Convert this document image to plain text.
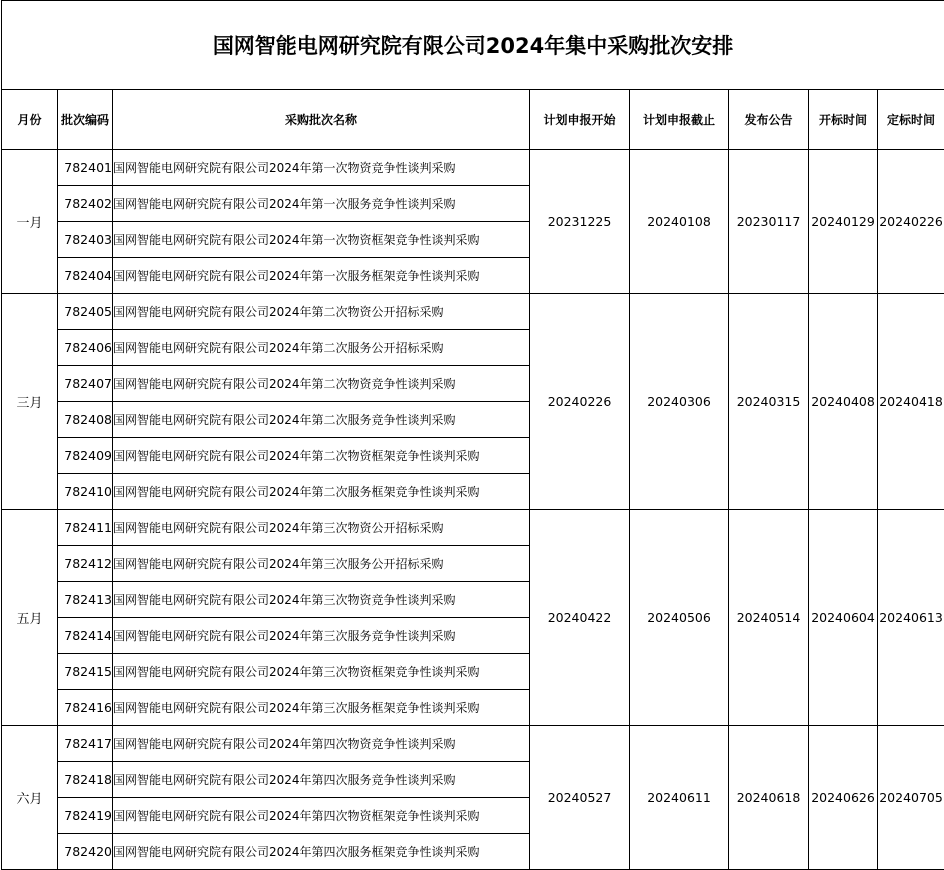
国网智能电网研究院有限公司2024年集中采购批次安排							
月份	批次编码	采购批次名称	计划申报开始	计划申报截止	发布公告	开标时间	定标时间
一月	782401	国网智能电网研究院有限公司2024年第一次物资竞争性谈判采购	20231225	20240108	20230117	20240129	20240226
	782402	国网智能电网研究院有限公司2024年第一次服务竞争性谈判采购					
	782403	国网智能电网研究院有限公司2024年第一次物资框架竞争性谈判采购					
	782404	国网智能电网研究院有限公司2024年第一次服务框架竞争性谈判采购					
三月	782405	国网智能电网研究院有限公司2024年第二次物资公开招标采购	20240226	20240306	20240315	20240408	20240418
	782406	国网智能电网研究院有限公司2024年第二次服务公开招标采购					
	782407	国网智能电网研究院有限公司2024年第二次物资竞争性谈判采购					
	782408	国网智能电网研究院有限公司2024年第二次服务竞争性谈判采购					
	782409	国网智能电网研究院有限公司2024年第二次物资框架竞争性谈判采购					
	782410	国网智能电网研究院有限公司2024年第二次服务框架竞争性谈判采购					
五月	782411	国网智能电网研究院有限公司2024年第三次物资公开招标采购	20240422	20240506	20240514	20240604	20240613
	782412	国网智能电网研究院有限公司2024年第三次服务公开招标采购					
	782413	国网智能电网研究院有限公司2024年第三次物资竞争性谈判采购					
	782414	国网智能电网研究院有限公司2024年第三次服务竞争性谈判采购					
	782415	国网智能电网研究院有限公司2024年第三次物资框架竞争性谈判采购					
	782416	国网智能电网研究院有限公司2024年第三次服务框架竞争性谈判采购					
六月	782417	国网智能电网研究院有限公司2024年第四次物资竞争性谈判采购	20240527	20240611	20240618	20240626	20240705
	782418	国网智能电网研究院有限公司2024年第四次服务竞争性谈判采购					
	782419	国网智能电网研究院有限公司2024年第四次物资框架竞争性谈判采购					
	782420	国网智能电网研究院有限公司2024年第四次服务框架竞争性谈判采购					
